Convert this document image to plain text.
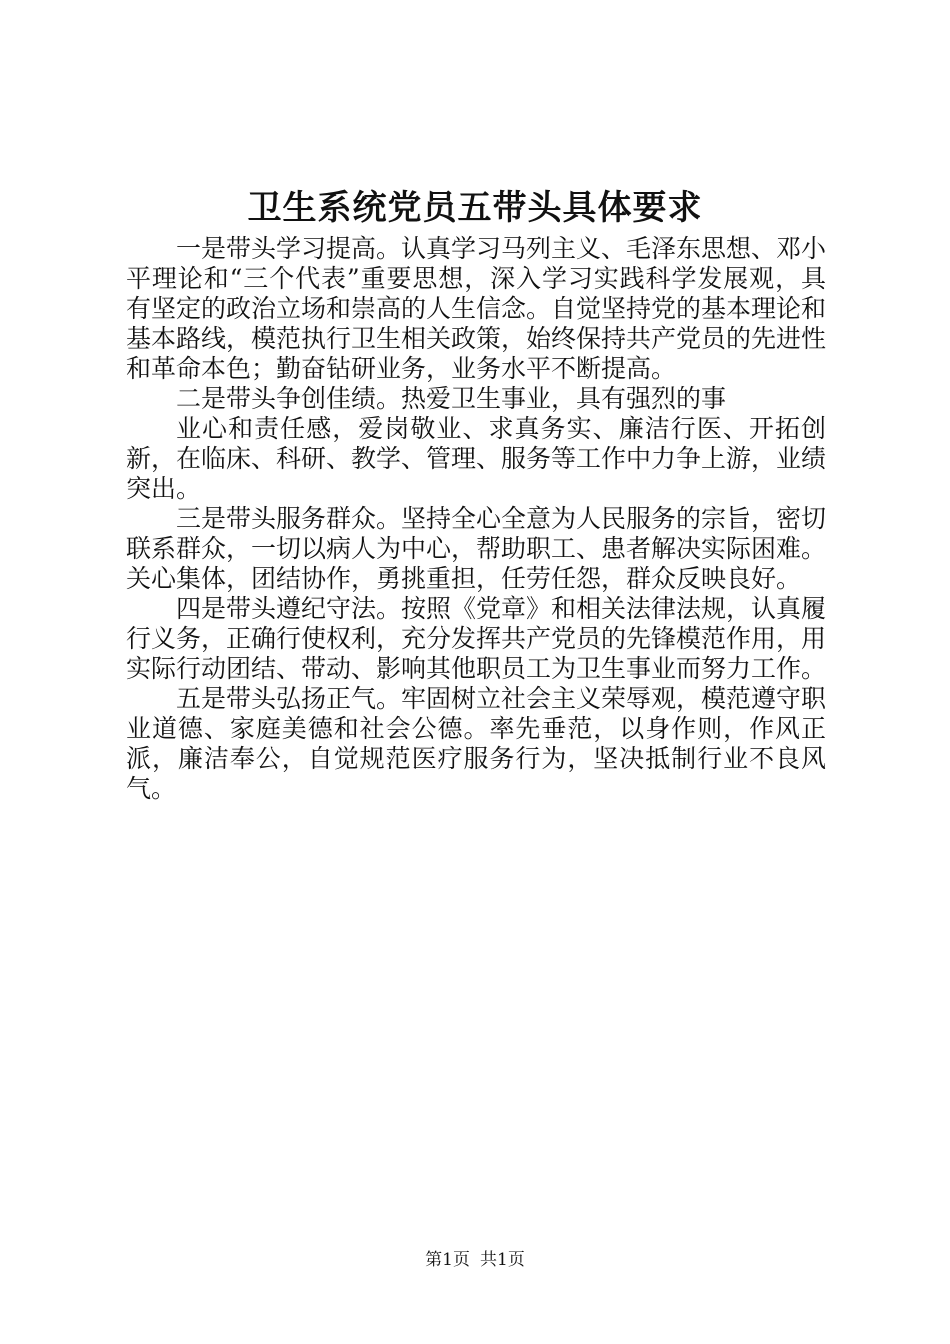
卫生系统党员五带头具体要求

一是带头学习提高。认真学习马列主义、毛泽东思想、邓小平理论和“三个代表”重要思想，深入学习实践科学发展观，具有坚定的政治立场和崇高的人生信念。自觉坚持党的基本理论和基本路线，模范执行卫生相关政策，始终保持共产党员的先进性和革命本色；勤奋钻研业务，业务水平不断提高。

二是带头争创佳绩。热爱卫生事业，具有强烈的事

业心和责任感，爱岗敬业、求真务实、廉洁行医、开拓创新，在临床、科研、教学、管理、服务等工作中力争上游，业绩突出。

三是带头服务群众。坚持全心全意为人民服务的宗旨，密切联系群众，一切以病人为中心，帮助职工、患者解决实际困难。关心集体，团结协作，勇挑重担，任劳任怨，群众反映良好。

四是带头遵纪守法。按照《党章》和相关法律法规，认真履行义务，正确行使权利，充分发挥共产党员的先锋模范作用，用实际行动团结、带动、影响其他职员工为卫生事业而努力工作。

五是带头弘扬正气。牢固树立社会主义荣辱观，模范遵守职业道德、家庭美德和社会公德。率先垂范，以身作则，作风正派，廉洁奉公，自觉规范医疗服务行为，坚决抵制行业不良风气。

第1页 共1页
